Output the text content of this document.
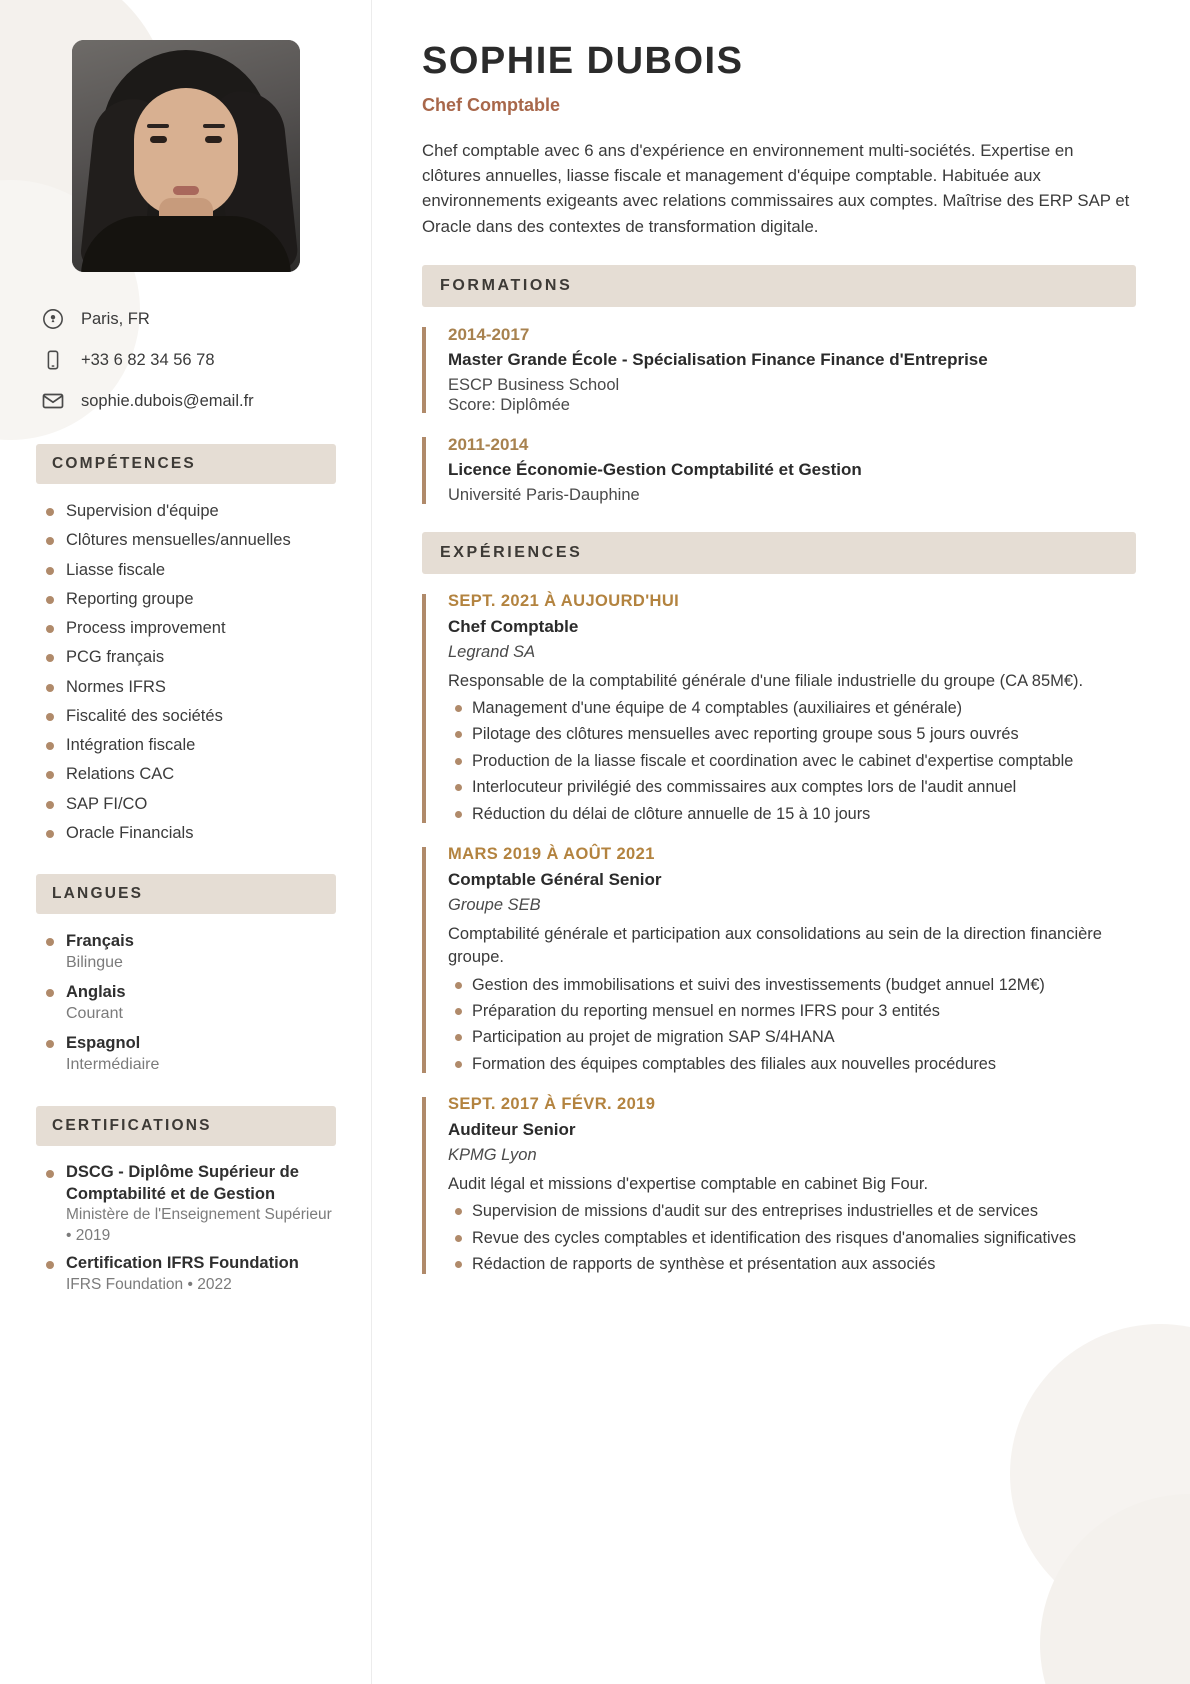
Paris, FR
+33 6 82 34 56 78
sophie.dubois@email.fr
COMPÉTENCES
Supervision d'équipe
Clôtures mensuelles/annuelles
Liasse fiscale
Reporting groupe
Process improvement
PCG français
Normes IFRS
Fiscalité des sociétés
Intégration fiscale
Relations CAC
SAP FI/CO
Oracle Financials
LANGUES
Français
Bilingue
Anglais
Courant
Espagnol
Intermédiaire
CERTIFICATIONS
DSCG - Diplôme Supérieur de Comptabilité et de Gestion
Ministère de l'Enseignement Supérieur • 2019
Certification IFRS Foundation
IFRS Foundation • 2022
SOPHIE DUBOIS
Chef Comptable

Chef comptable avec 6 ans d'expérience en environnement multi-sociétés. Expertise en clôtures annuelles, liasse fiscale et management d'équipe comptable. Habituée aux environnements exigeants avec relations commissaires aux comptes. Maîtrise des ERP SAP et Oracle dans des contextes de transformation digitale.

FORMATIONS
2014-2017
Master Grande École - Spécialisation Finance Finance d'Entreprise
ESCP Business School
Score: Diplômée
2011-2014
Licence Économie-Gestion Comptabilité et Gestion
Université Paris-Dauphine
EXPÉRIENCES
SEPT. 2021 À AUJOURD'HUI
Chef Comptable
Legrand SA
Responsable de la comptabilité générale d'une filiale industrielle du groupe (CA 85M€).
Management d'une équipe de 4 comptables (auxiliaires et générale)
Pilotage des clôtures mensuelles avec reporting groupe sous 5 jours ouvrés
Production de la liasse fiscale et coordination avec le cabinet d'expertise comptable
Interlocuteur privilégié des commissaires aux comptes lors de l'audit annuel
Réduction du délai de clôture annuelle de 15 à 10 jours
MARS 2019 À AOÛT 2021
Comptable Général Senior
Groupe SEB
Comptabilité générale et participation aux consolidations au sein de la direction financière groupe.
Gestion des immobilisations et suivi des investissements (budget annuel 12M€)
Préparation du reporting mensuel en normes IFRS pour 3 entités
Participation au projet de migration SAP S/4HANA
Formation des équipes comptables des filiales aux nouvelles procédures
SEPT. 2017 À FÉVR. 2019
Auditeur Senior
KPMG Lyon
Audit légal et missions d'expertise comptable en cabinet Big Four.
Supervision de missions d'audit sur des entreprises industrielles et de services
Revue des cycles comptables et identification des risques d'anomalies significatives
Rédaction de rapports de synthèse et présentation aux associés
